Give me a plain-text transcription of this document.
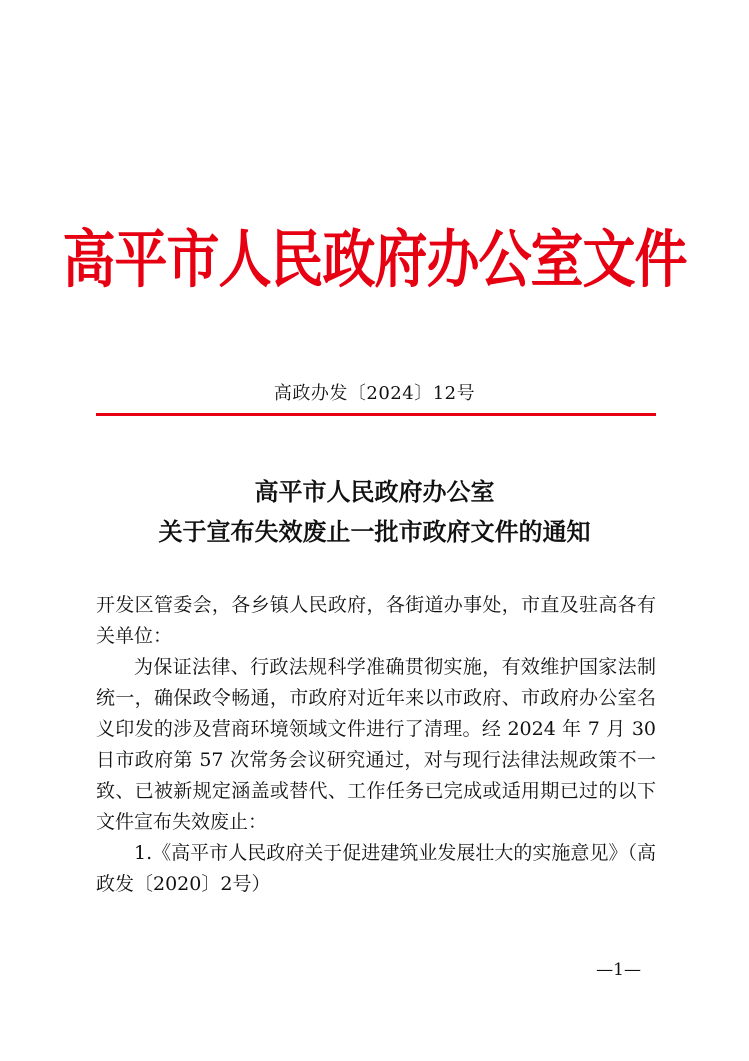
高平市人民政府办公室文件
高政办发〔2024〕12号
高平市人民政府办公室
关于宣布失效废止一批市政府文件的通知

开发区管委会，各乡镇人民政府，各街道办事处，市直及驻高各有关单位：

为保证法律、行政法规科学准确贯彻实施，有效维护国家法制统一，确保政令畅通，市政府对近年来以市政府、市政府办公室名义印发的涉及营商环境领域文件进行了清理。经 2024 年 7 月 30 日市政府第 57 次常务会议研究通过，对与现行法律法规政策不一致、已被新规定涵盖或替代、工作任务已完成或适用期已过的以下文件宣布失效废止：

1.《高平市人民政府关于促进建筑业发展壮大的实施意见》（高政发〔2020〕2号）

—1—
